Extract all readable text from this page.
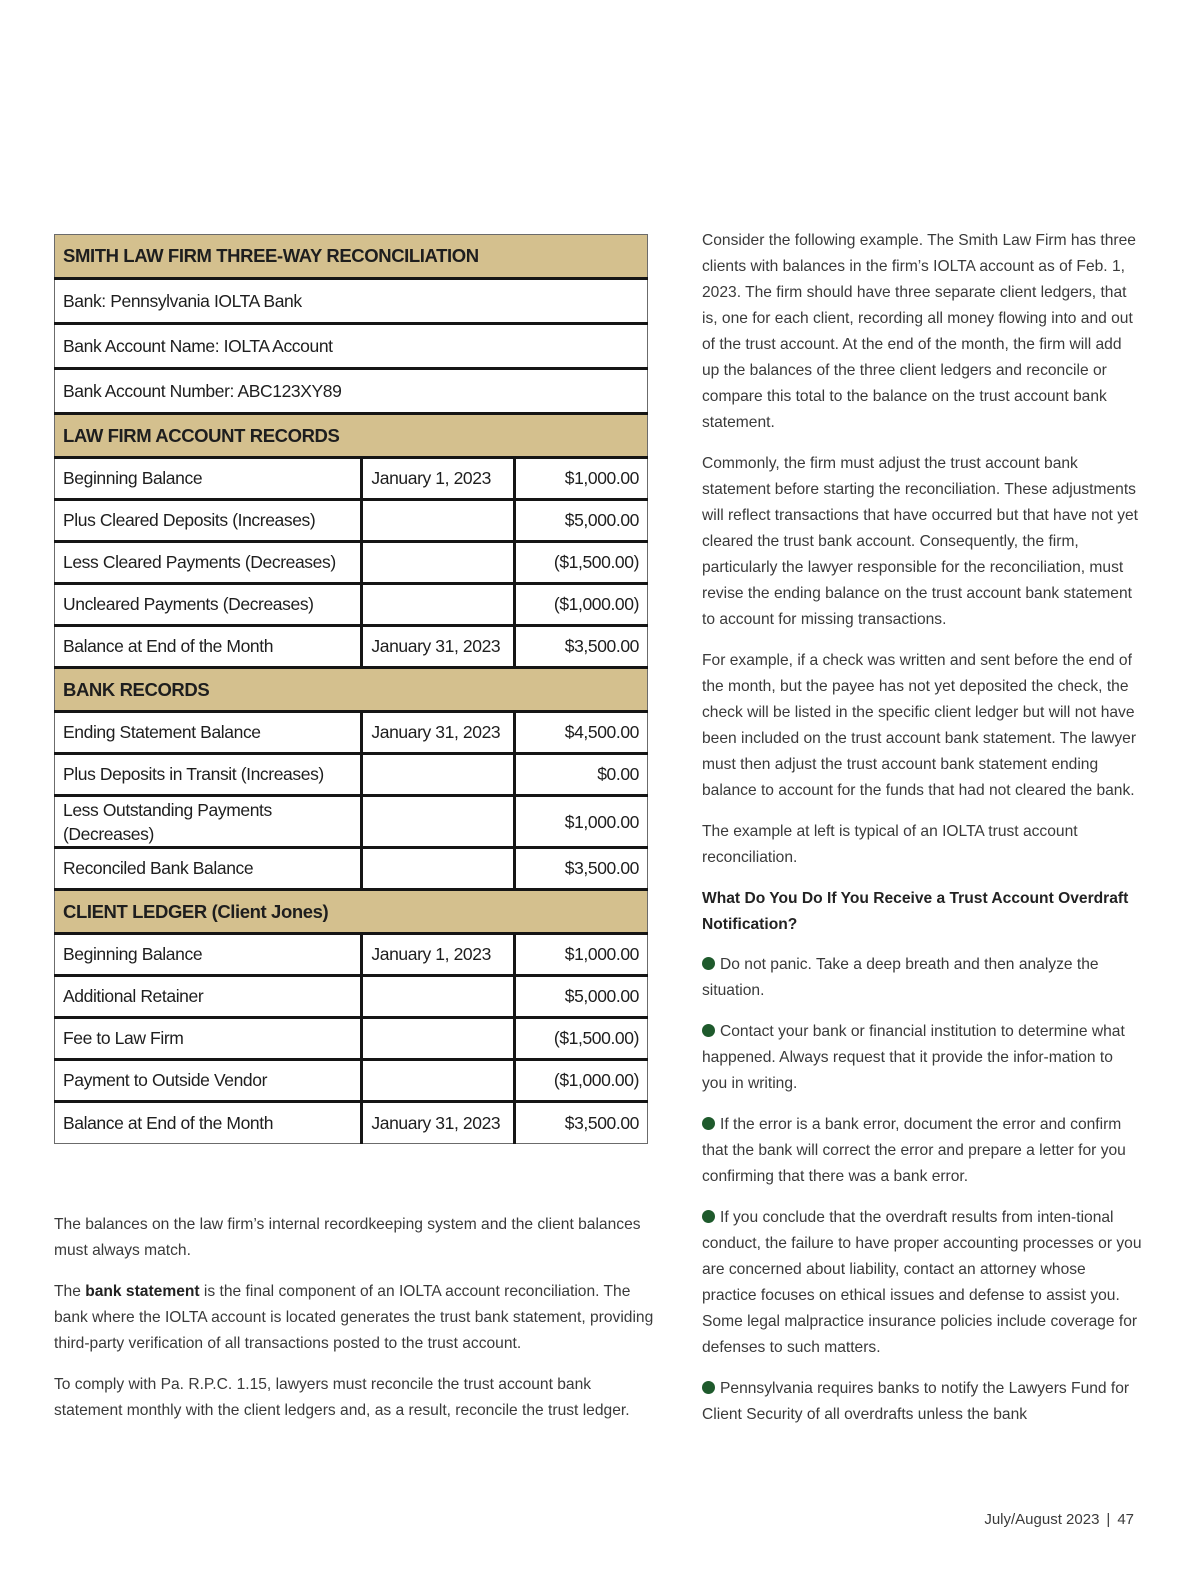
SMITH LAW FIRM THREE-WAY RECONCILIATION		
Bank: Pennsylvania IOLTA Bank		
Bank Account Name: IOLTA Account		
Bank Account Number: ABC123XY89		
LAW FIRM ACCOUNT RECORDS		
Beginning Balance	January 1, 2023	$1,000.00
Plus Cleared Deposits (Increases)		$5,000.00
Less Cleared Payments (Decreases)		($1,500.00)
Uncleared Payments (Decreases)		($1,000.00)
Balance at End of the Month	January 31, 2023	$3,500.00
BANK RECORDS		
Ending Statement Balance	January 31, 2023	$4,500.00
Plus Deposits in Transit (Increases)		$0.00
Less Outstanding Payments (Decreases)		$1,000.00
Reconciled Bank Balance		$3,500.00
CLIENT LEDGER (Client Jones)		
Beginning Balance	January 1, 2023	$1,000.00
Additional Retainer		$5,000.00
Fee to Law Firm		($1,500.00)
Payment to Outside Vendor		($1,000.00)
Balance at End of the Month	January 31, 2023	$3,500.00

The balances on the law firm’s internal recordkeeping system and the client balances must always match.

The bank statement is the final component of an IOLTA account reconciliation. The bank where the IOLTA account is located generates the trust bank statement, providing third-party verification of all transactions posted to the trust account.

To comply with Pa. R.P.C. 1.15, lawyers must reconcile the trust account bank statement monthly with the client ledgers and, as a result, reconcile the trust ledger.

Consider the following example. The Smith Law Firm has three clients with balances in the firm’s IOLTA account as of Feb. 1, 2023. The firm should have three separate client ledgers, that is, one for each client, recording all money flowing into and out of the trust account. At the end of the month, the firm will add up the balances of the three client ledgers and reconcile or compare this total to the balance on the trust account bank statement.

Commonly, the firm must adjust the trust account bank statement before starting the reconciliation. These adjustments will reflect transactions that have occurred but that have not yet cleared the trust bank account. Consequently, the firm, particularly the lawyer responsible for the reconciliation, must revise the ending balance on the trust account bank statement to account for missing transactions.

For example, if a check was written and sent before the end of the month, but the payee has not yet deposited the check, the check will be listed in the specific client ledger but will not have been included on the trust account bank statement. The lawyer must then adjust the trust account bank statement ending balance to account for the funds that had not cleared the bank.

The example at left is typical of an IOLTA trust account reconciliation.

What Do You Do If You Receive a Trust Account Overdraft Notification?

Do not panic. Take a deep breath and then analyze the situation.

Contact your bank or financial institution to determine what happened. Always request that it provide the infor-mation to you in writing.

If the error is a bank error, document the error and confirm that the bank will correct the error and prepare a letter for you confirming that there was a bank error.

If you conclude that the overdraft results from inten-tional conduct, the failure to have proper accounting processes or you are concerned about liability, contact an attorney whose practice focuses on ethical issues and defense to assist you. Some legal malpractice insurance policies include coverage for defenses to such matters.

Pennsylvania requires banks to notify the Lawyers Fund for Client Security of all overdrafts unless the bank

July/August 2023 | 47
